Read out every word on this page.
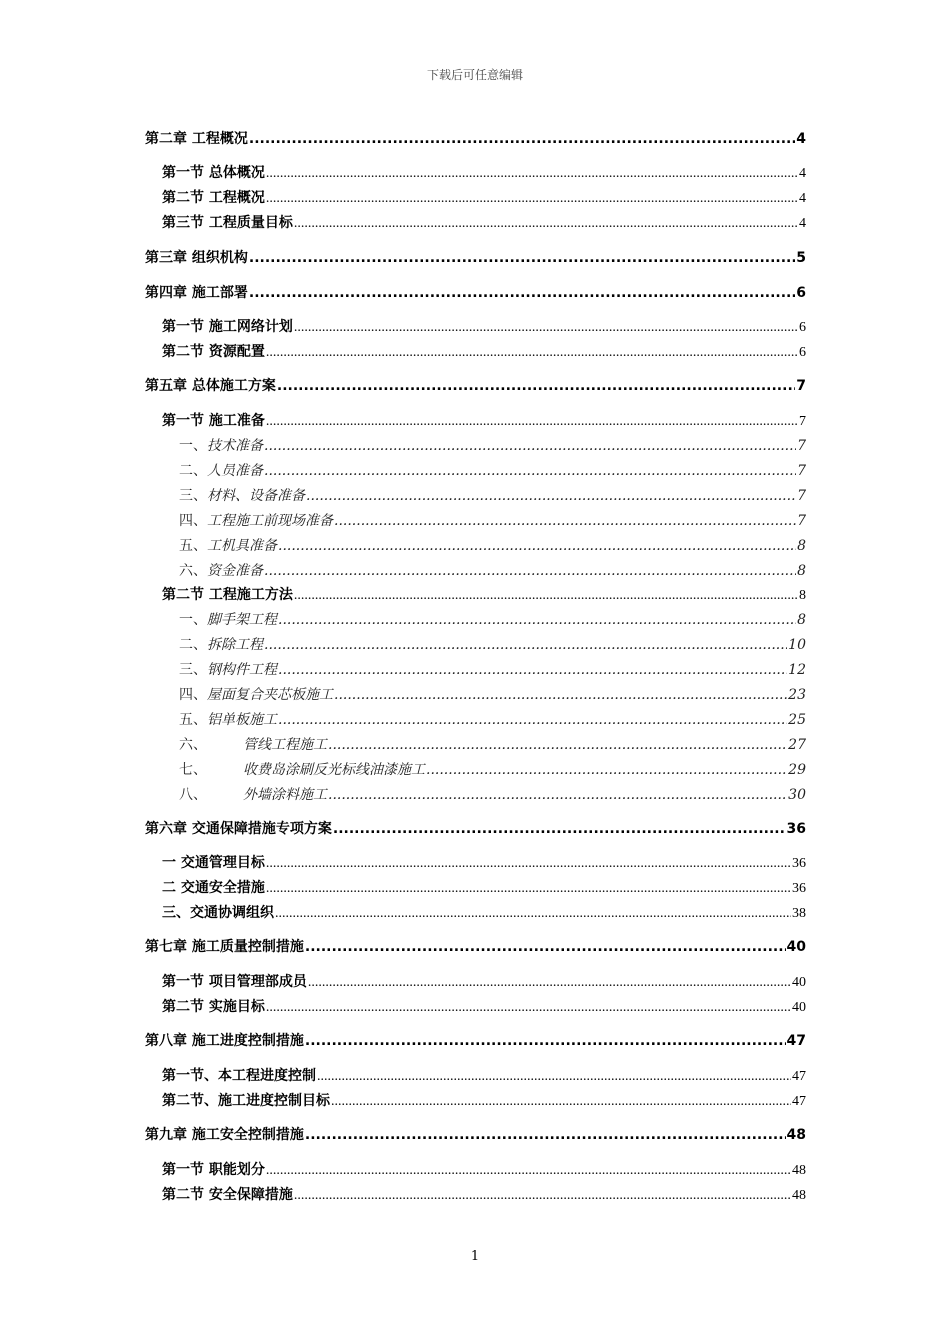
下载后可任意编辑
第二章 工程概况 .....	4
第一节 总体概况 .....	4
第二节 工程概况 .....	4
第三节 工程质量目标 .....	4
第三章 组织机构 .....	5
第四章 施工部署 .....	6
第一节 施工网络计划 .....	6
第二节 资源配置 .....	6
第五章 总体施工方案 .....	7
第一节 施工准备 .....	7
一、技术准备 .....	7
二、人员准备 .....	7
三、材料、设备准备 .....	7
四、工程施工前现场准备 .....	7
五、工机具准备 .....	8
六、资金准备 .....	8
第二节 工程施工方法 .....	8
一、脚手架工程 .....	8
二、拆除工程 .....	10
三、钢构件工程 .....	12
四、屋面复合夹芯板施工 .....	23
五、铝单板施工 .....	25
六、	管线工程施工 .....	27
七、	收费岛涂刷反光标线油漆施工 .....	29
八、	外墙涂料施工 .....	30
第六章 交通保障措施专项方案 .....	36
一 交通管理目标 .....	36
二 交通安全措施 .....	36
三、交通协调组织 .....	38
第七章 施工质量控制措施 .....	40
第一节 项目管理部成员 .....	40
第二节 实施目标 .....	40
第八章 施工进度控制措施 .....	47
第一节、本工程进度控制 .....	47
第二节、施工进度控制目标 .....	47
第九章 施工安全控制措施 .....	48
第一节 职能划分 .....	48
第二节 安全保障措施 .....	48
1
